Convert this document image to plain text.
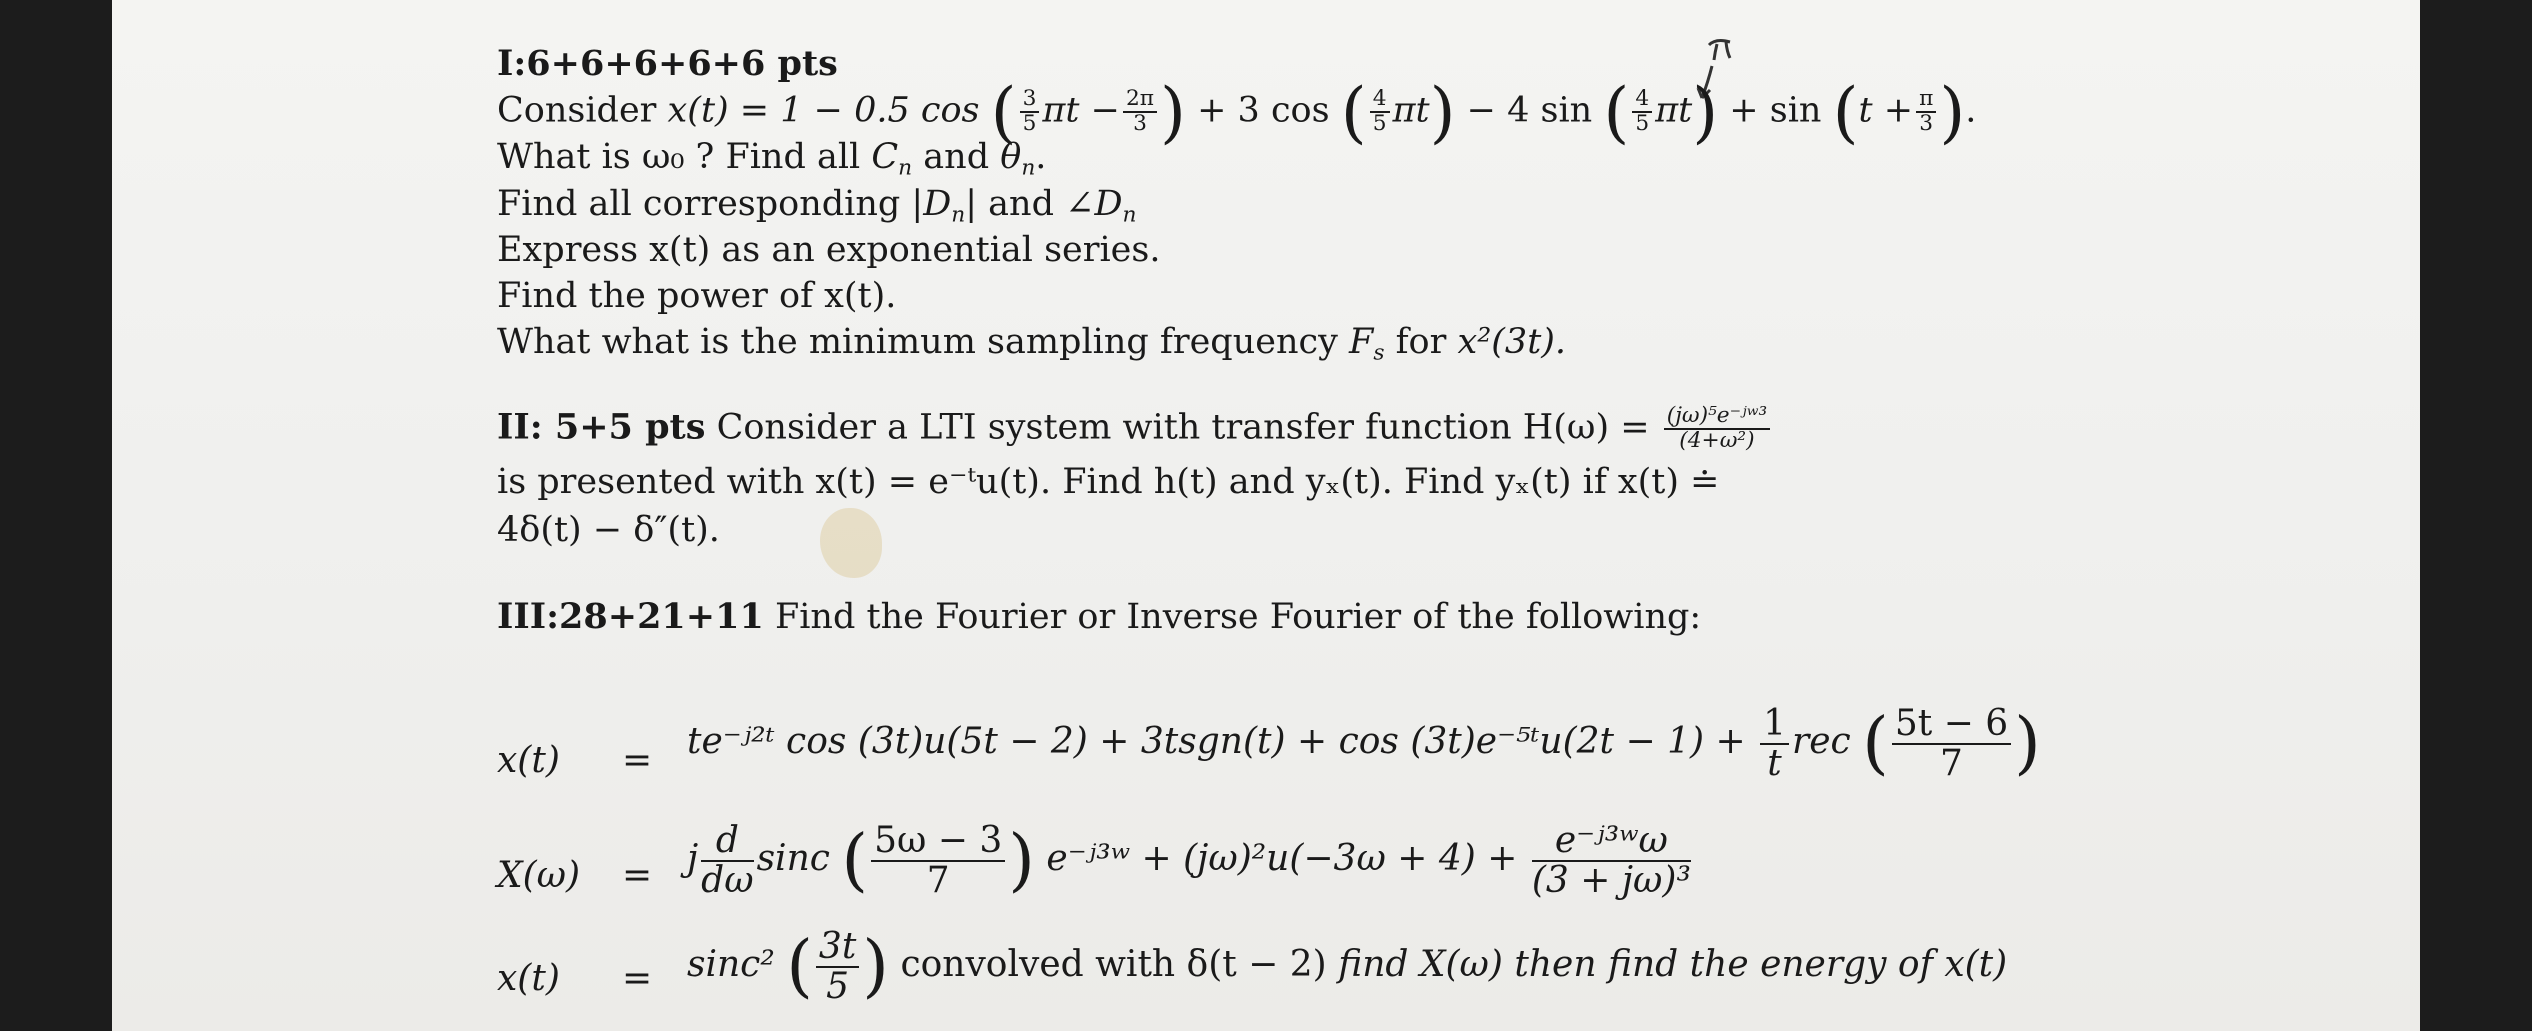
I:6+6+6+6+6 pts
Consider x(t) = 1 − 0.5 cos ( $\frac{3}{5}$ $\pi t - \frac{2\pi}{3}$ ) + 3 cos ( $\frac{4}{5} \pi t) - 4$ sin ( $\frac{4}{5} \pi t) + \sin (t + \frac{\pi}{3}$ ).
What is ω₀ ? Find all $C_n$ and $\theta_n$.
Find all corresponding $|D_n|$ and $\angle D_n$
Express x(t) as an exponential series.
Find the power of x(t).
What what is the minimum sampling frequency $F_s$ for x²(3t).
II: 5+5 pts Consider a LTI system with transfer function $H(\omega) = \frac{\text{(jω)⁵e⁻ʲʷ³}}{\text{(4+ω²)}}$
is presented with x(t) = e⁻ᵗu(t). Find h(t) and yₓ(t). Find yₓ(t) if x(t) ≐
4δ(t) − δ″(t).
III:28+21+11 Find the Fourier or Inverse Fourier of the following:
x(t) = te⁻ʲ²ᵗ cos (3t)u(5t − 2) + 3tsgn(t) + cos (3t)e⁻⁵ᵗu(2t − $1) + \frac{1}{t}$ rec ( $\frac{5t - 6}{7}$ )
X(ω) = j $\frac{d}{d\omega}$ sinc ( $\frac{5\omega - 3}{7}$ ) e⁻ʲ³ʷ + $(j\omega)^2u(-3\omega + 4) + \frac{\text{e⁻ʲ³ʷω}}{\text{(3 + jω)³}}$
x(t) = sinc² ( $\frac{3t}{5}$ ) convolved with δ(t − 2) find X(ω) then find the energy of x(t)
